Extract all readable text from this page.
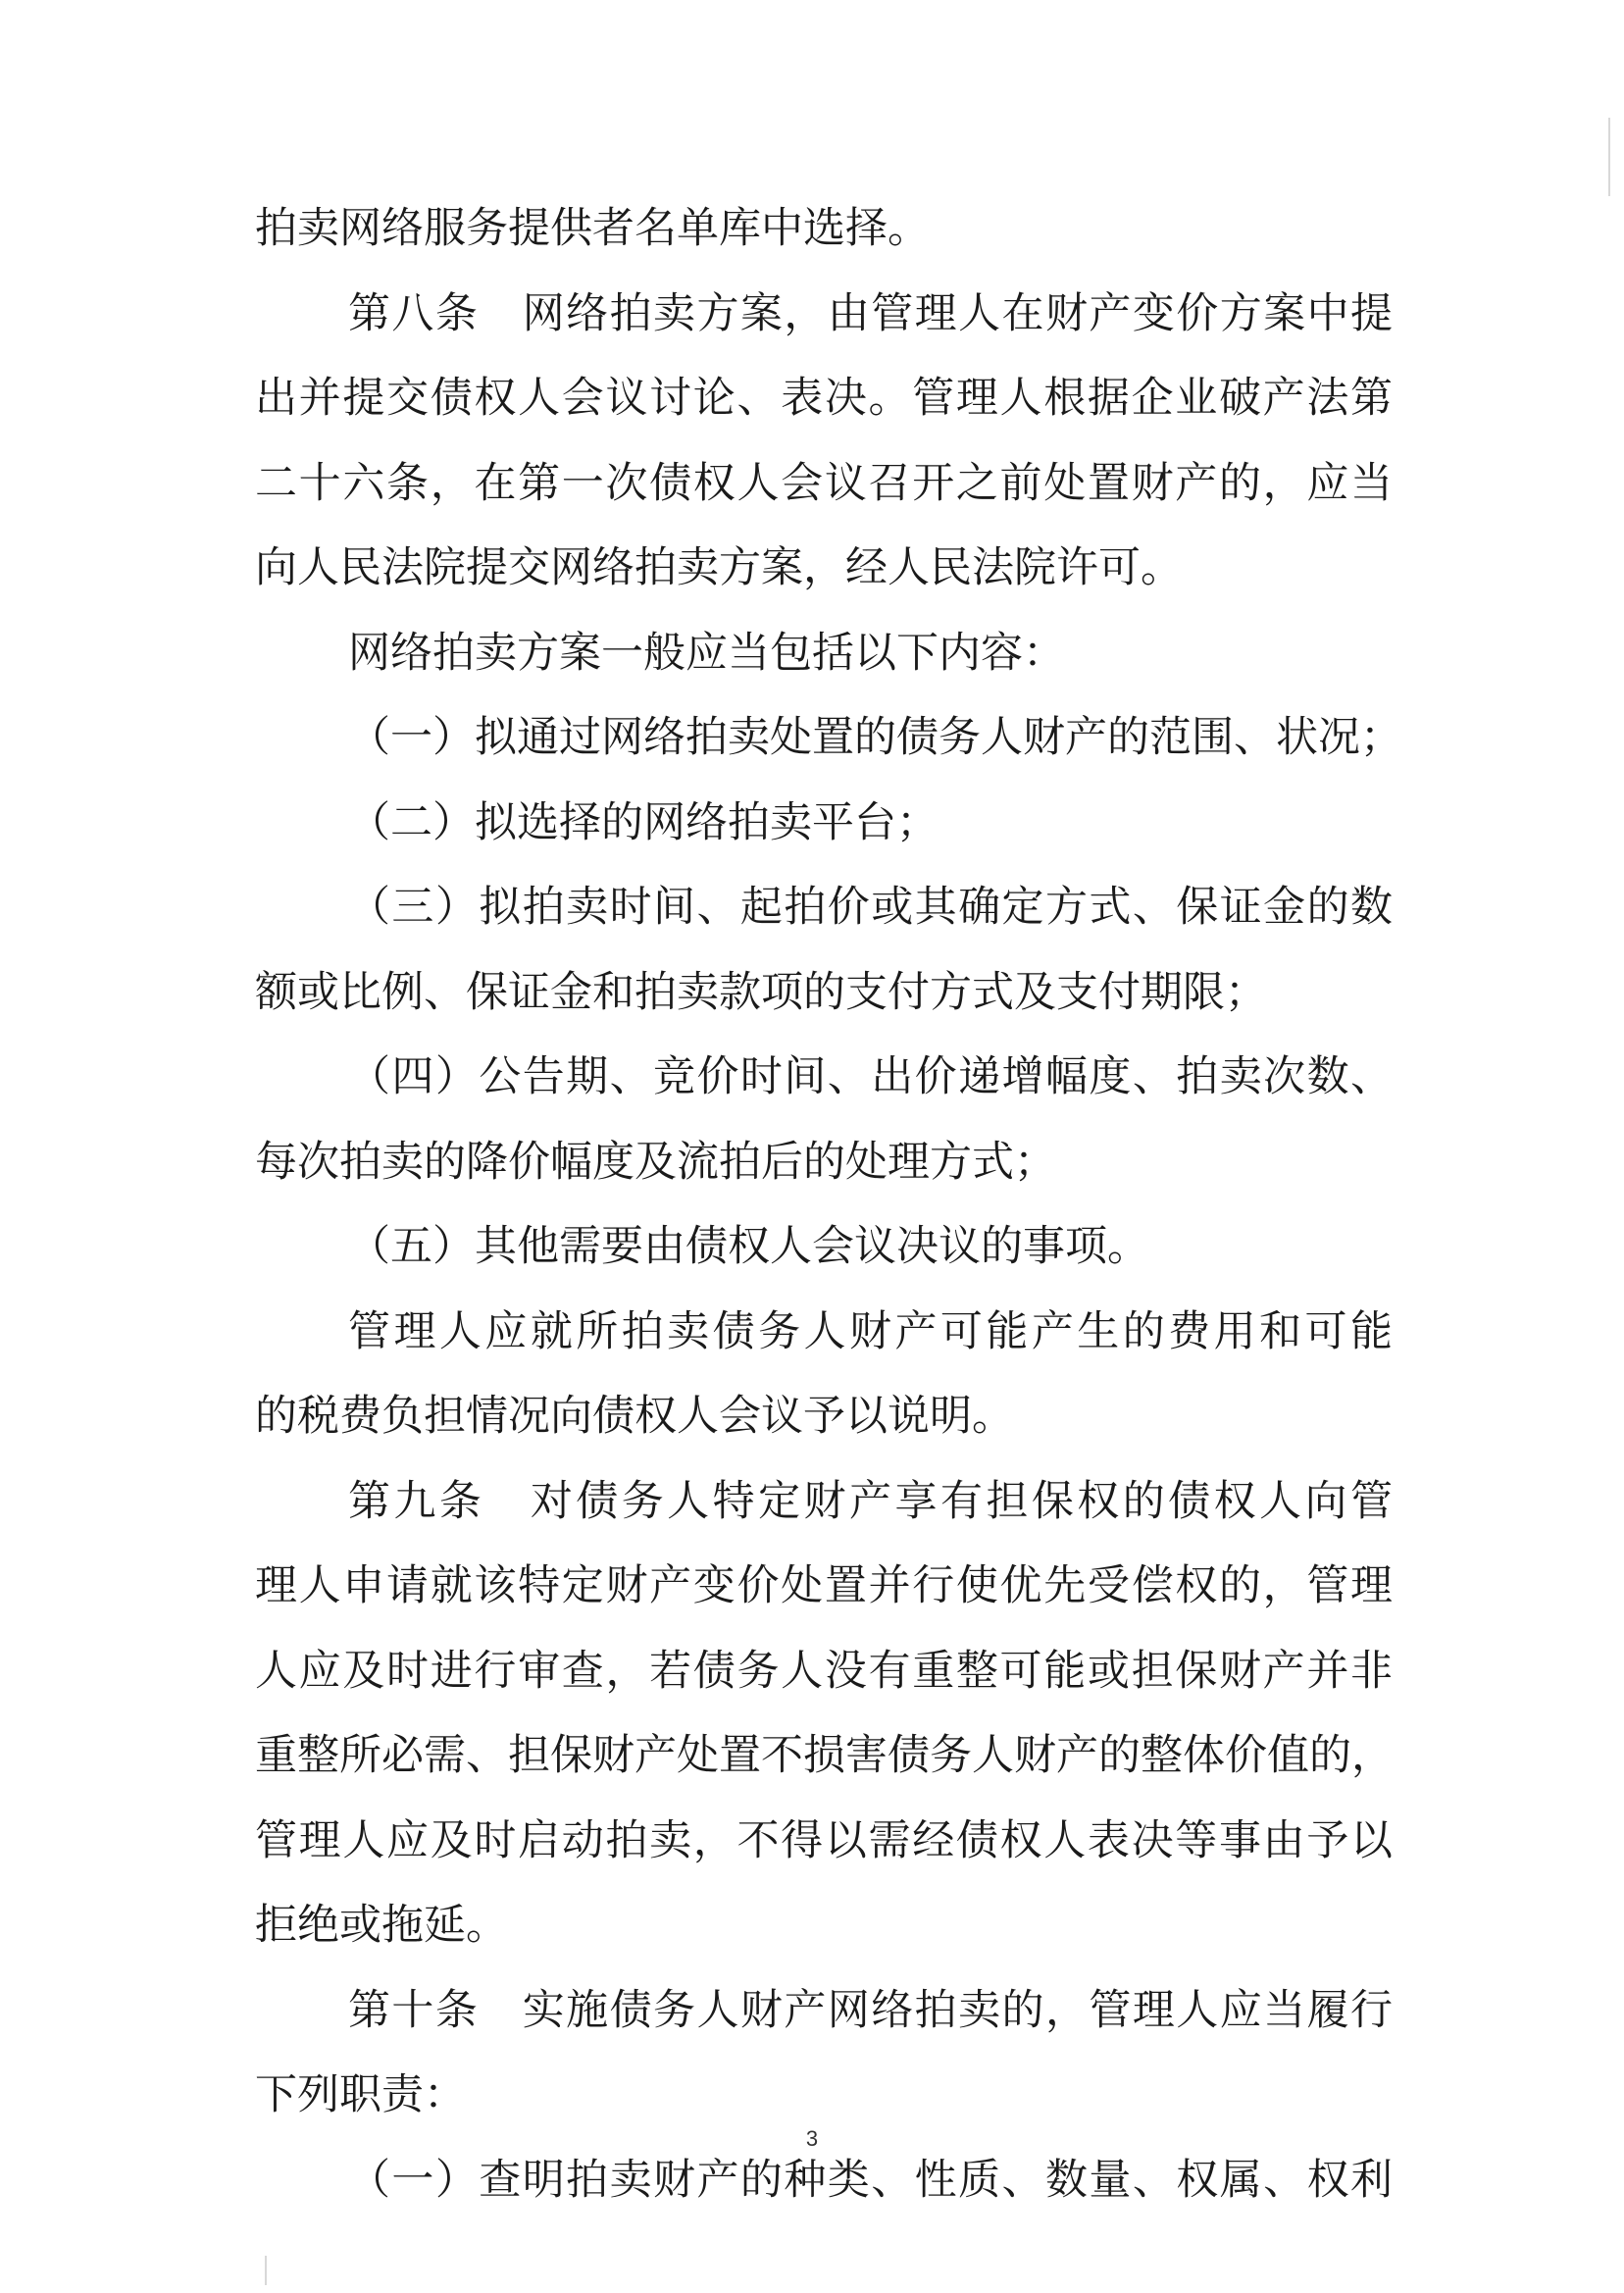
拍卖网络服务提供者名单库中选择。
第八条　网络拍卖方案，由管理人在财产变价方案中提
出并提交债权人会议讨论、表决。管理人根据企业破产法第
二十六条，在第一次债权人会议召开之前处置财产的，应当
向人民法院提交网络拍卖方案，经人民法院许可。
网络拍卖方案一般应当包括以下内容：
（一）拟通过网络拍卖处置的债务人财产的范围、状况；
（二）拟选择的网络拍卖平台；
（三）拟拍卖时间、起拍价或其确定方式、保证金的数
额或比例、保证金和拍卖款项的支付方式及支付期限；
（四）公告期、竞价时间、出价递增幅度、拍卖次数、
每次拍卖的降价幅度及流拍后的处理方式；
（五）其他需要由债权人会议决议的事项。
管理人应就所拍卖债务人财产可能产生的费用和可能
的税费负担情况向债权人会议予以说明。
第九条　对债务人特定财产享有担保权的债权人向管
理人申请就该特定财产变价处置并行使优先受偿权的，管理
人应及时进行审查，若债务人没有重整可能或担保财产并非
重整所必需、担保财产处置不损害债务人财产的整体价值的，
管理人应及时启动拍卖，不得以需经债权人表决等事由予以
拒绝或拖延。
第十条　实施债务人财产网络拍卖的，管理人应当履行
下列职责：
（一）查明拍卖财产的种类、性质、数量、权属、权利
3
